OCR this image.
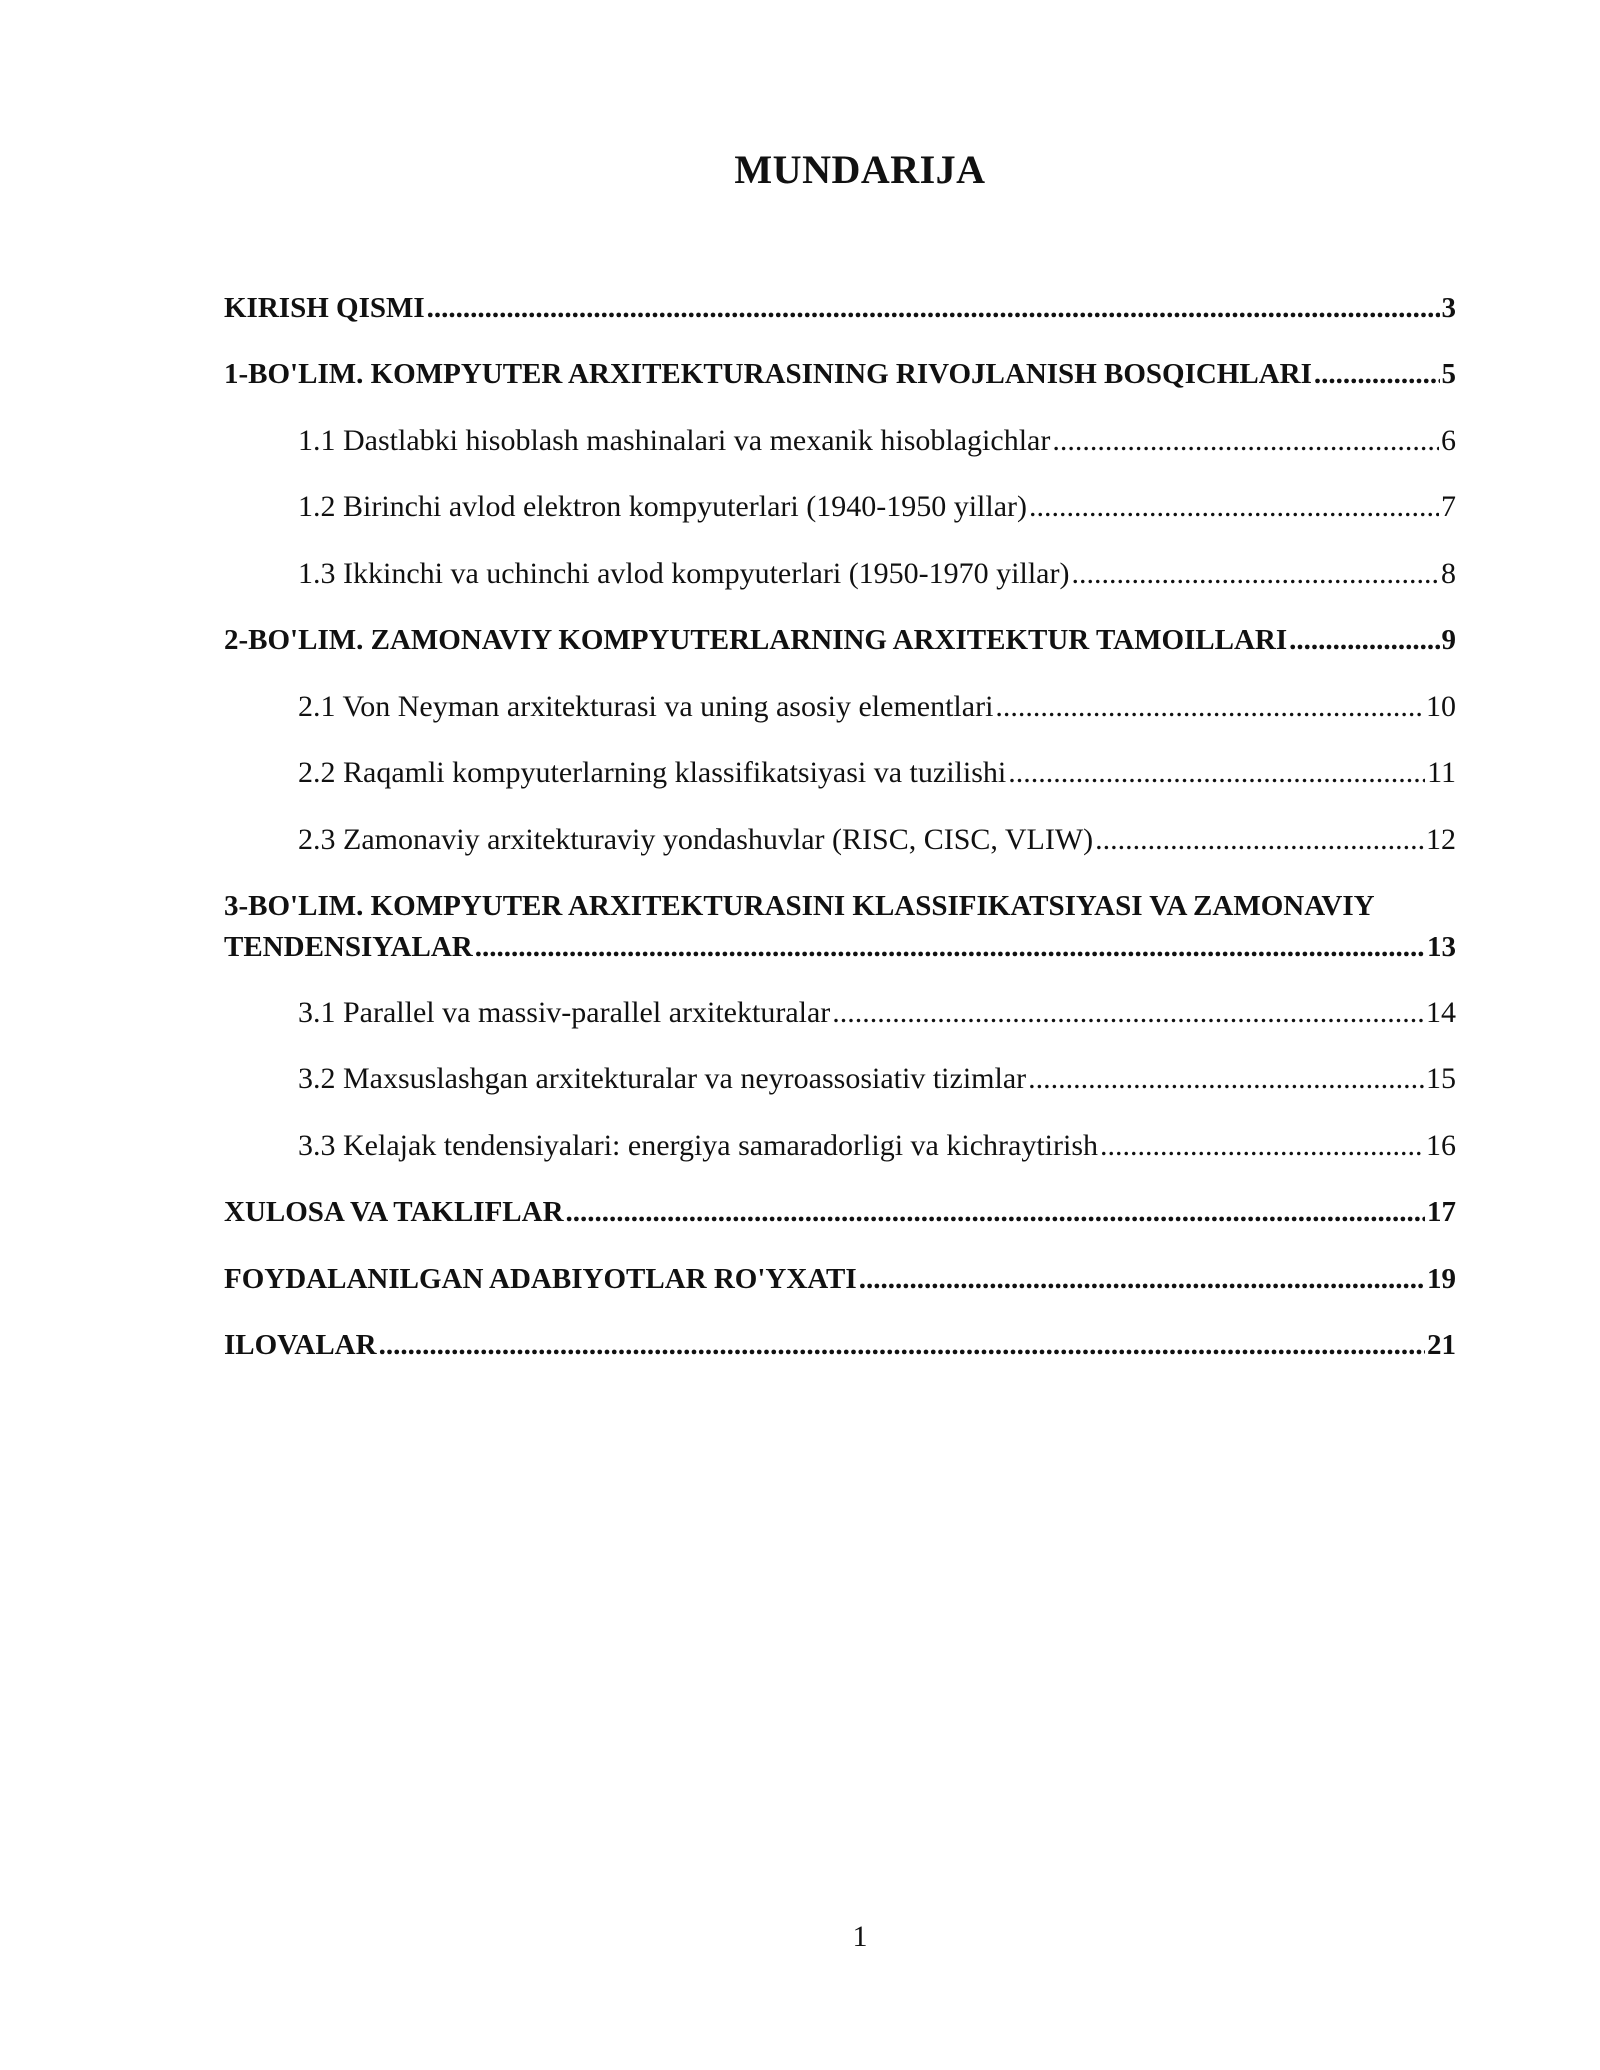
MUNDARIJA
KIRISH QISMI .....	3
1-BO'LIM. KOMPYUTER ARXITEKTURASINING RIVOJLANISH BOSQICHLARI .....	5
1.1 Dastlabki hisoblash mashinalari va mexanik hisoblagichlar .....	6
1.2 Birinchi avlod elektron kompyuterlari (1940-1950 yillar) .....	7
1.3 Ikkinchi va uchinchi avlod kompyuterlari (1950-1970 yillar) .....	8
2-BO'LIM. ZAMONAVIY KOMPYUTERLARNING ARXITEKTUR TAMOILLARI .....	9
2.1 Von Neyman arxitekturasi va uning asosiy elementlari .....	10
2.2 Raqamli kompyuterlarning klassifikatsiyasi va tuzilishi .....	11
2.3 Zamonaviy arxitekturaviy yondashuvlar (RISC, CISC, VLIW) .....	12
3-BO'LIM. KOMPYUTER ARXITEKTURASINI KLASSIFIKATSIYASI VA ZAMONAVIY
TENDENSIYALAR .....	13
3.1 Parallel va massiv-parallel arxitekturalar .....	14
3.2 Maxsuslashgan arxitekturalar va neyroassosiativ tizimlar .....	15
3.3 Kelajak tendensiyalari: energiya samaradorligi va kichraytirish .....	16
XULOSA VA TAKLIFLAR .....	17
FOYDALANILGAN ADABIYOTLAR RO'YXATI .....	19
ILOVALAR .....	21
1
